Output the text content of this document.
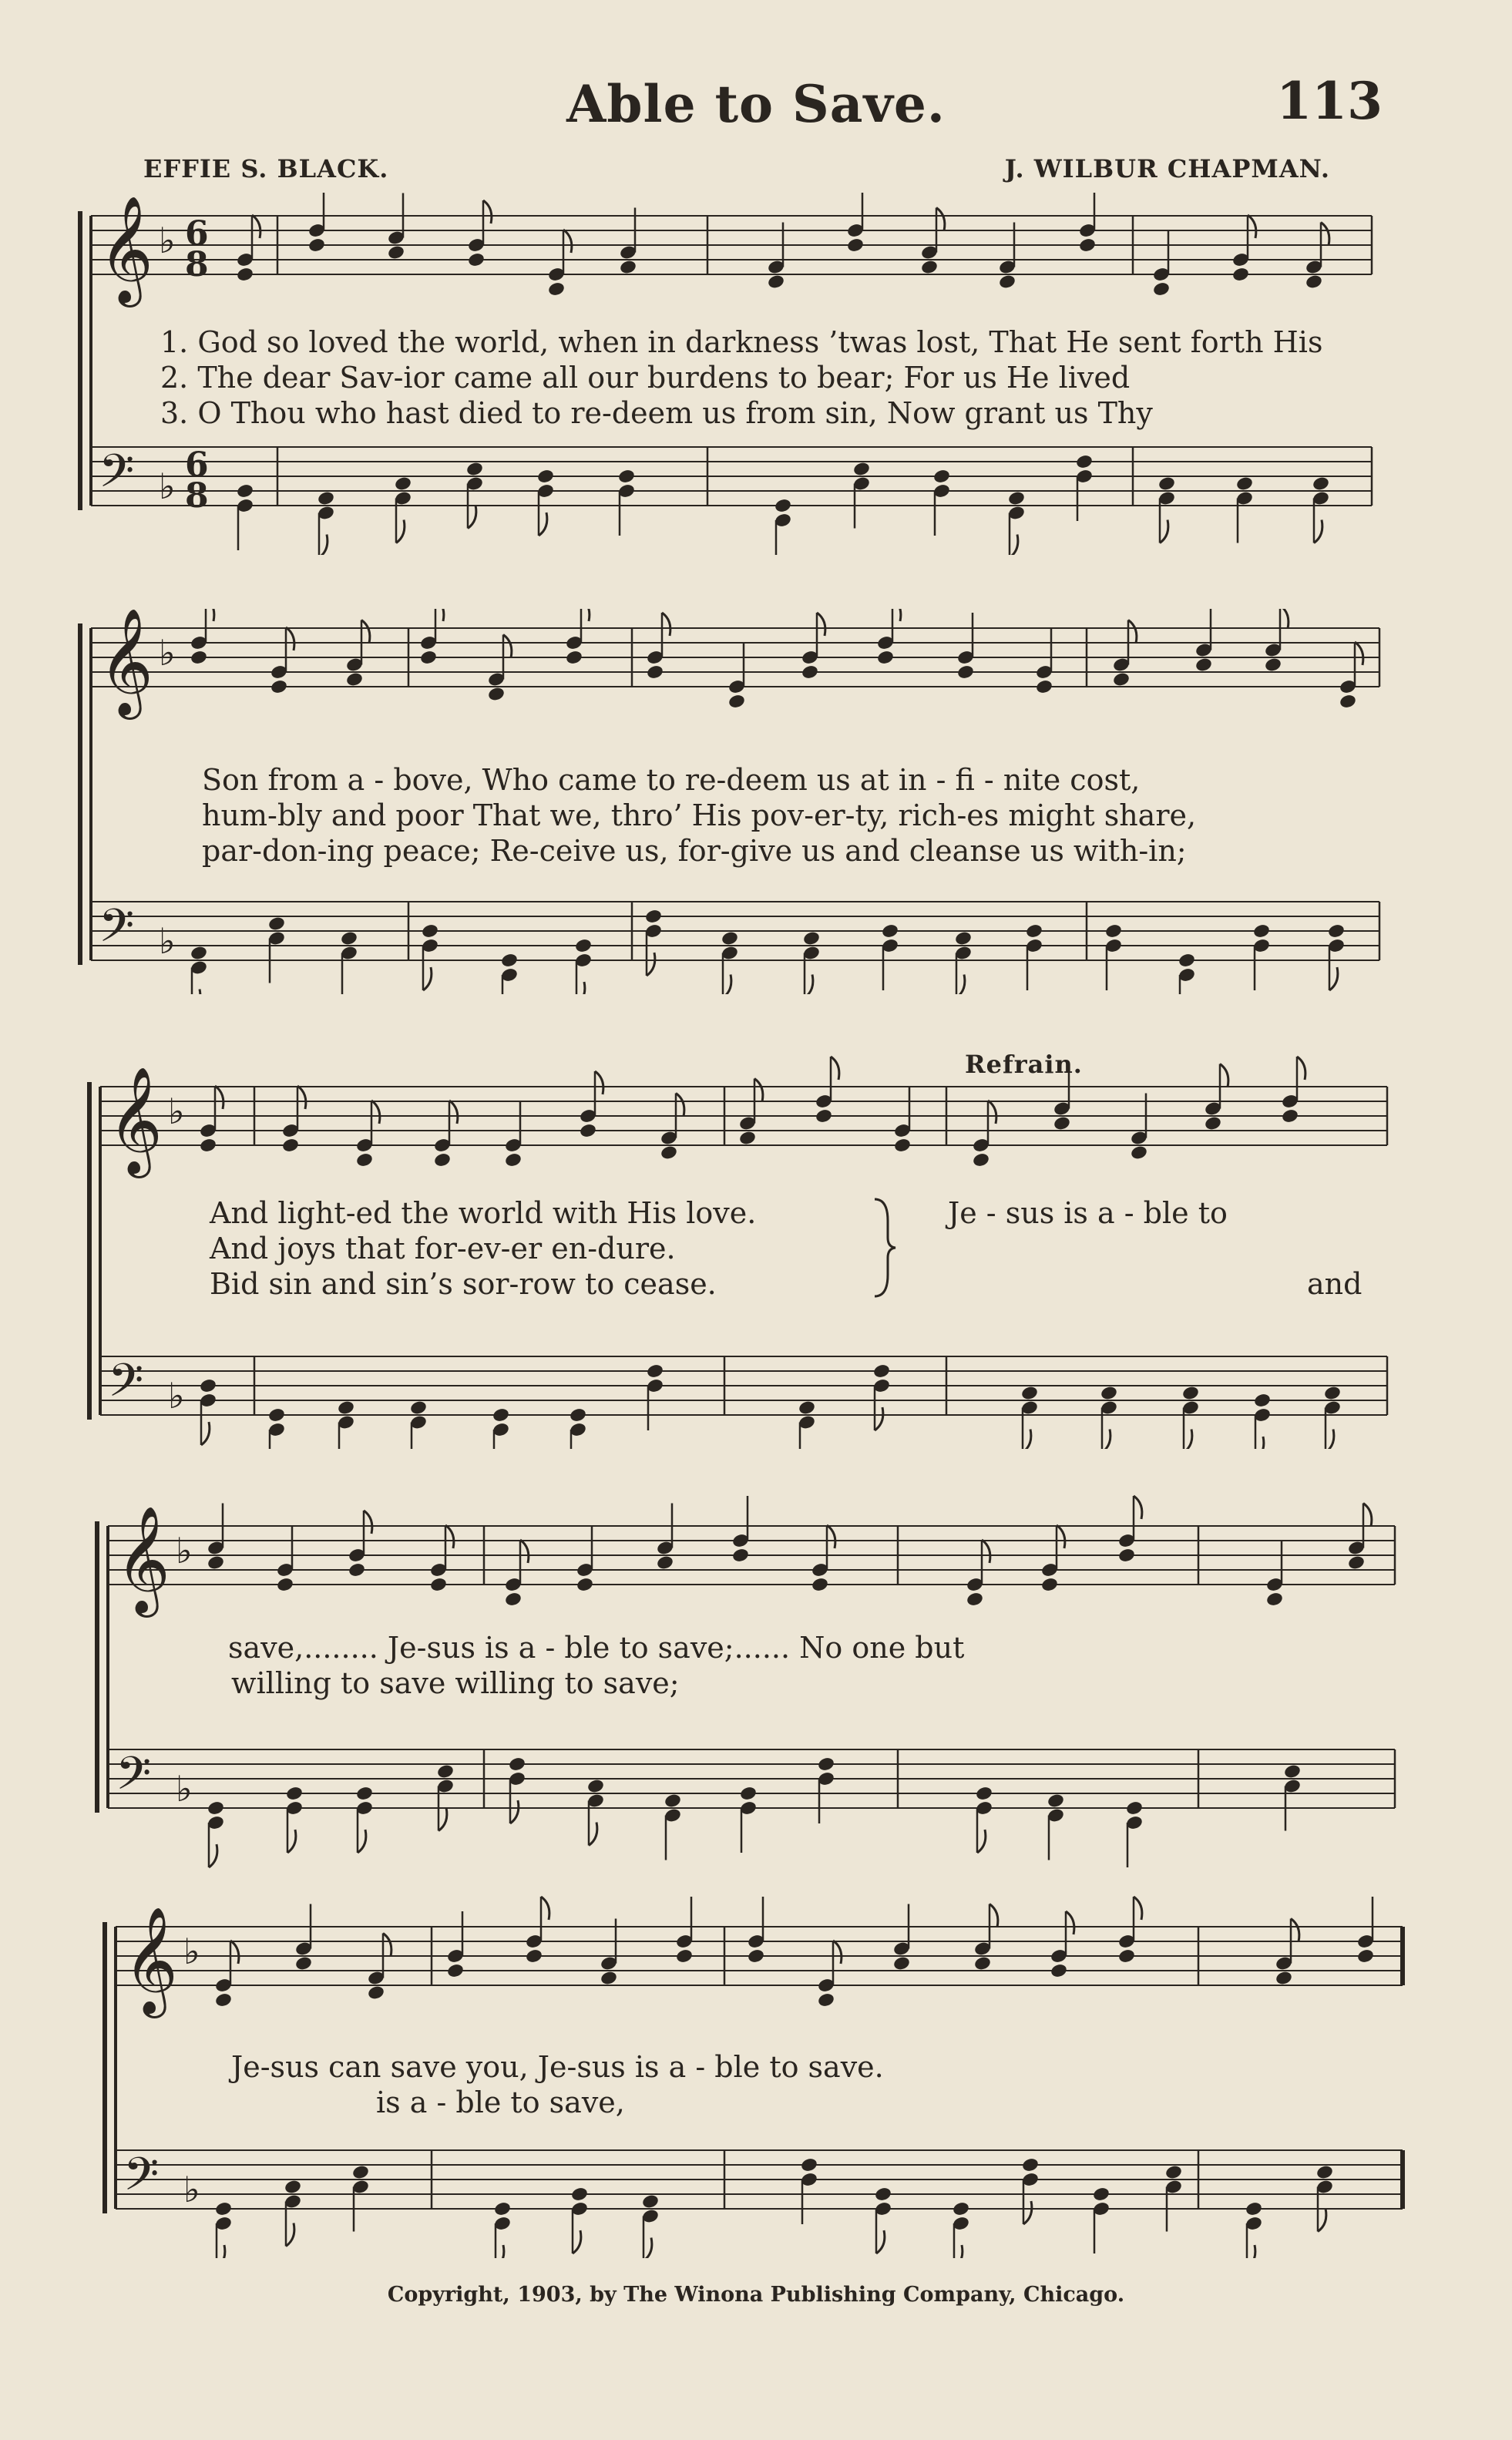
Able to Save.	113
EFFIE S. BLACK.	J. WILBUR CHAPMAN.
𝄞 ♭ 6
8
𝄢 ♭
6
8
1. God so loved the world, when in darkness ’twas lost, That He sent forth His
2. The dear Sav-ior came all our burdens to bear; For us He lived
3. O Thou who hast died to re-deem us from sin, Now grant us Thy
𝄞 ♭
𝄢 ♭
Son from a - bove, Who came to re-deem us at in - fi - nite cost,
hum-bly and poor That we, thro’ His pov-er-ty, rich-es might share,
par-don-ing peace; Re-ceive us, for-give us and cleanse us with-in;
𝄞 ♭
𝄢 ♭
Refrain.
And light-ed the world with His love.
And joys that for-ev-er en-dure.
Bid sin and sin’s sor-row to cease.
Je - sus is a - ble to
and
𝄞 ♭
𝄢 ♭
save,........ Je-sus is a - ble to save;...... No one but
willing to save willing to save;
𝄞 ♭
𝄢 ♭
Je-sus can save you, Je-sus is a - ble to save.
is a - ble to save,
Copyright, 1903, by The Winona Publishing Company, Chicago.
